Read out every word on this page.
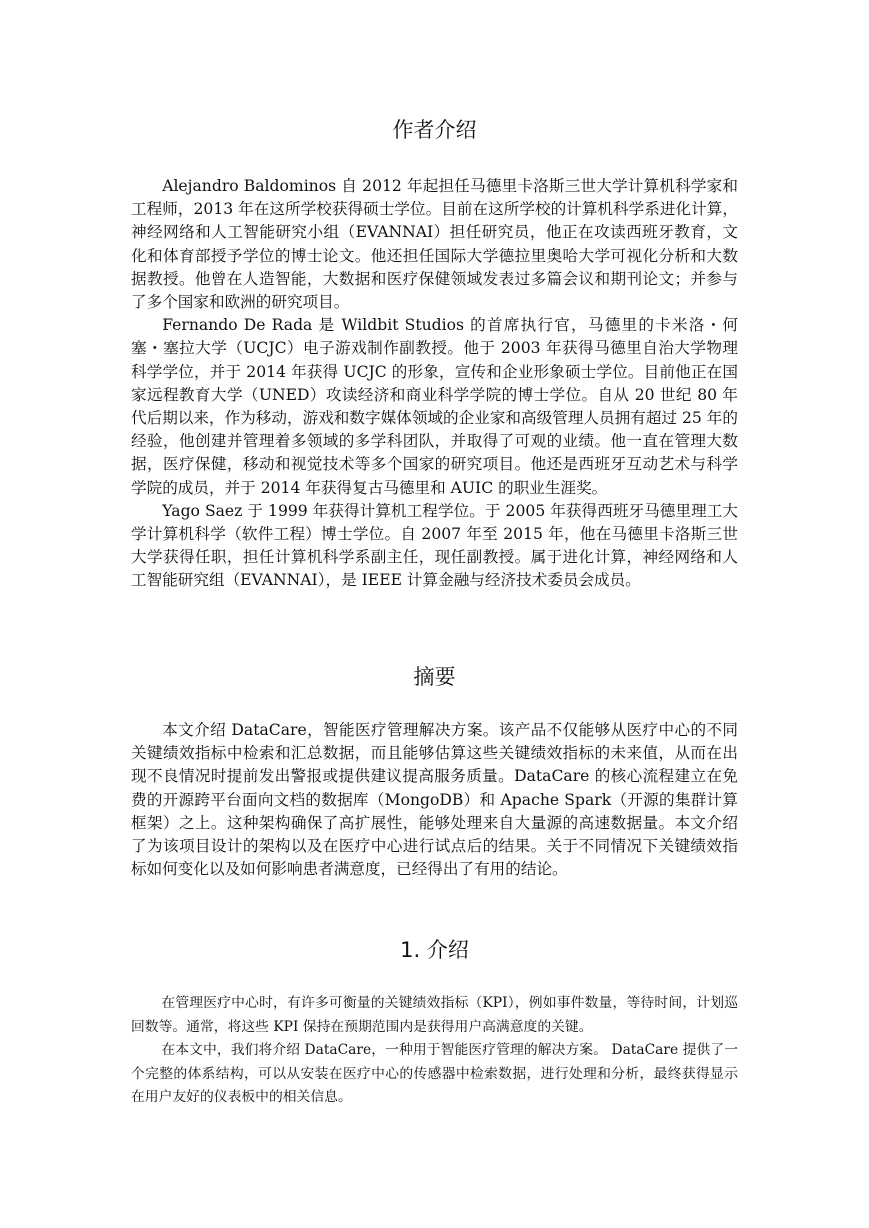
作者介绍

Alejandro Baldominos 自 2012 年起担任马德里卡洛斯三世大学计算机科学家和工程师，2013 年在这所学校获得硕士学位。目前在这所学校的计算机科学系进化计算，神经网络和人工智能研究小组（EVANNAI）担任研究员，他正在攻读西班牙教育，文化和体育部授予学位的博士论文。他还担任国际大学德拉里奥哈大学可视化分析和大数据教授。他曾在人造智能，大数据和医疗保健领域发表过多篇会议和期刊论文；并参与了多个国家和欧洲的研究项目。

Fernando De Rada 是 Wildbit Studios 的首席执行官，马德里的卡米洛・何塞・塞拉大学（UCJC）电子游戏制作副教授。他于 2003 年获得马德里自治大学物理科学学位，并于 2014 年获得 UCJC 的形象，宣传和企业形象硕士学位。目前他正在国家远程教育大学（UNED）攻读经济和商业科学学院的博士学位。自从 20 世纪 80 年代后期以来，作为移动，游戏和数字媒体领域的企业家和高级管理人员拥有超过 25 年的经验，他创建并管理着多领域的多学科团队，并取得了可观的业绩。他一直在管理大数据，医疗保健，移动和视觉技术等多个国家的研究项目。他还是西班牙互动艺术与科学学院的成员，并于 2014 年获得复古马德里和 AUIC 的职业生涯奖。

Yago Saez 于 1999 年获得计算机工程学位。于 2005 年获得西班牙马德里理工大学计算机科学（软件工程）博士学位。自 2007 年至 2015 年，他在马德里卡洛斯三世大学获得任职，担任计算机科学系副主任，现任副教授。属于进化计算，神经网络和人工智能研究组（EVANNAI），是 IEEE 计算金融与经济技术委员会成员。

摘要

本文介绍 DataCare，智能医疗管理解决方案。该产品不仅能够从医疗中心的不同关键绩效指标中检索和汇总数据，而且能够估算这些关键绩效指标的未来值，从而在出现不良情况时提前发出警报或提供建议提高服务质量。DataCare 的核心流程建立在免费的开源跨平台面向文档的数据库（MongoDB）和 Apache Spark（开源的集群计算框架）之上。这种架构确保了高扩展性，能够处理来自大量源的高速数据量。本文介绍了为该项目设计的架构以及在医疗中心进行试点后的结果。关于不同情况下关键绩效指标如何变化以及如何影响患者满意度，已经得出了有用的结论。

1. 介绍

在管理医疗中心时，有许多可衡量的关键绩效指标（KPI），例如事件数量，等待时间，计划巡回数等。通常，将这些 KPI 保持在预期范围内是获得用户高满意度的关键。

在本文中，我们将介绍 DataCare，一种用于智能医疗管理的解决方案。 DataCare 提供了一个完整的体系结构，可以从安装在医疗中心的传感器中检索数据，进行处理和分析，最终获得显示在用户友好的仪表板中的相关信息。
